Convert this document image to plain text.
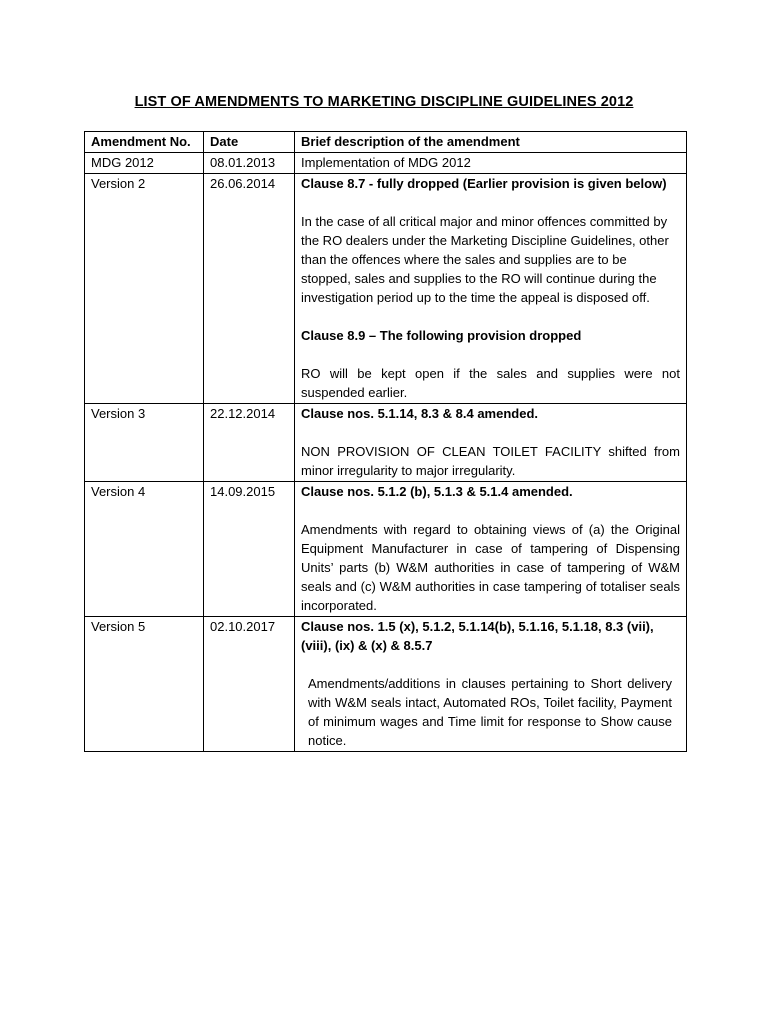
LIST OF AMENDMENTS TO MARKETING DISCIPLINE GUIDELINES 2012
Amendment No.	Date	Brief description of the amendment
MDG 2012	08.01.2013	Implementation of MDG 2012

Version 2	26.06.2014	Clause 8.7 - fully dropped (Earlier provision is given below)

In the case of all critical major and minor offences committed by the RO dealers under the Marketing Discipline Guidelines, other than the offences where the sales and supplies are to be stopped, sales and supplies to the RO will continue during the investigation period up to the time the appeal is disposed off.

Clause 8.9 – The following provision dropped

RO will be kept open if the sales and supplies were not suspended earlier.

Version 3	22.12.2014	Clause nos. 5.1.14, 8.3 & 8.4 amended.

NON PROVISION OF CLEAN TOILET FACILITY shifted from minor irregularity to major irregularity.

Version 4	14.09.2015	Clause nos. 5.1.2 (b), 5.1.3 & 5.1.4 amended.

Amendments with regard to obtaining views of (a) the Original Equipment Manufacturer in case of tampering of Dispensing Units’ parts (b) W&M authorities in case of tampering of W&M seals and (c) W&M authorities in case tampering of totaliser seals incorporated.

Version 5	02.10.2017	Clause nos. 1.5 (x), 5.1.2, 5.1.14(b), 5.1.16, 5.1.18, 8.3 (vii), (viii), (ix) & (x) & 8.5.7

Amendments/additions in clauses pertaining to Short delivery with W&M seals intact, Automated ROs, Toilet facility, Payment of minimum wages and Time limit for response to Show cause notice.
